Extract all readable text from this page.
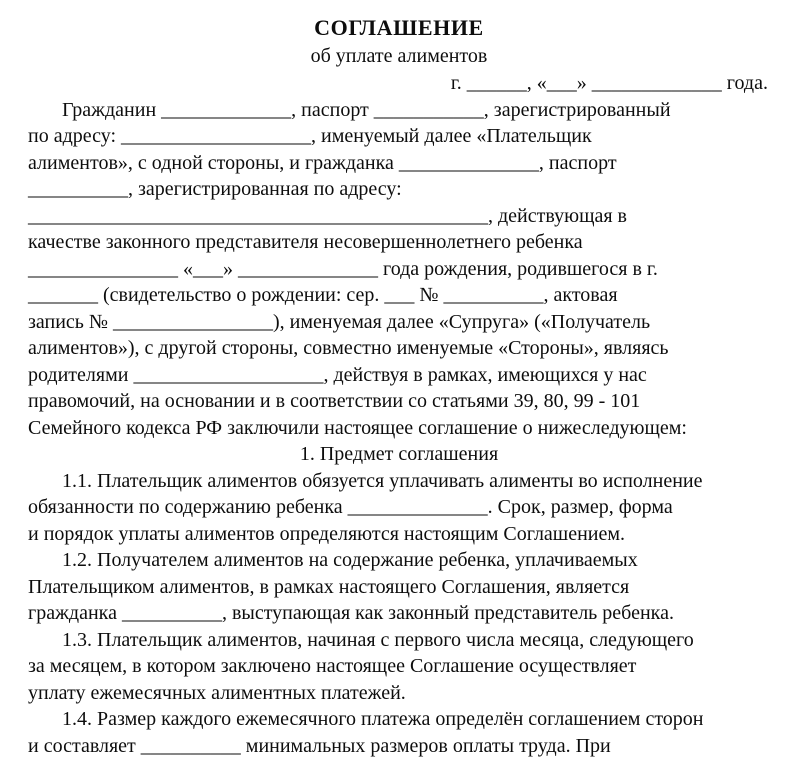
СОГЛАШЕНИЕ
об уплате алиментов

г. ______, «___» _____________ года.

Гражданин _____________, паспорт ___________, зарегистрированный

по адресу: ___________________, именуемый далее «Плательщик

алиментов», с одной стороны, и гражданка ______________, паспорт

__________, зарегистрированная по адресу:

______________________________________________, действующая в

качестве законного представителя несовершеннолетнего ребенка

_______________ «___» ______________ года рождения, родившегося в г.

_______ (свидетельство о рождении: сер. ___ № __________, актовая

запись № ________________), именуемая далее «Супруга» («Получатель

алиментов»), с другой стороны, совместно именуемые «Стороны», являясь

родителями ___________________, действуя в рамках, имеющихся у нас

правомочий, на основании и в соответствии со статьями 39, 80, 99 - 101

Семейного кодекса РФ заключили настоящее соглашение о нижеследующем:

1. Предмет соглашения

1.1. Плательщик алиментов обязуется уплачивать алименты во исполнение

обязанности по содержанию ребенка ______________. Срок, размер, форма

и порядок уплаты алиментов определяются настоящим Соглашением.

1.2. Получателем алиментов на содержание ребенка, уплачиваемых

Плательщиком алиментов, в рамках настоящего Соглашения, является

гражданка __________, выступающая как законный представитель ребенка.

1.3. Плательщик алиментов, начиная с первого числа месяца, следующего

за месяцем, в котором заключено настоящее Соглашение осуществляет

уплату ежемесячных алиментных платежей.

1.4. Размер каждого ежемесячного платежа определён соглашением сторон

и составляет __________ минимальных размеров оплаты труда. При
